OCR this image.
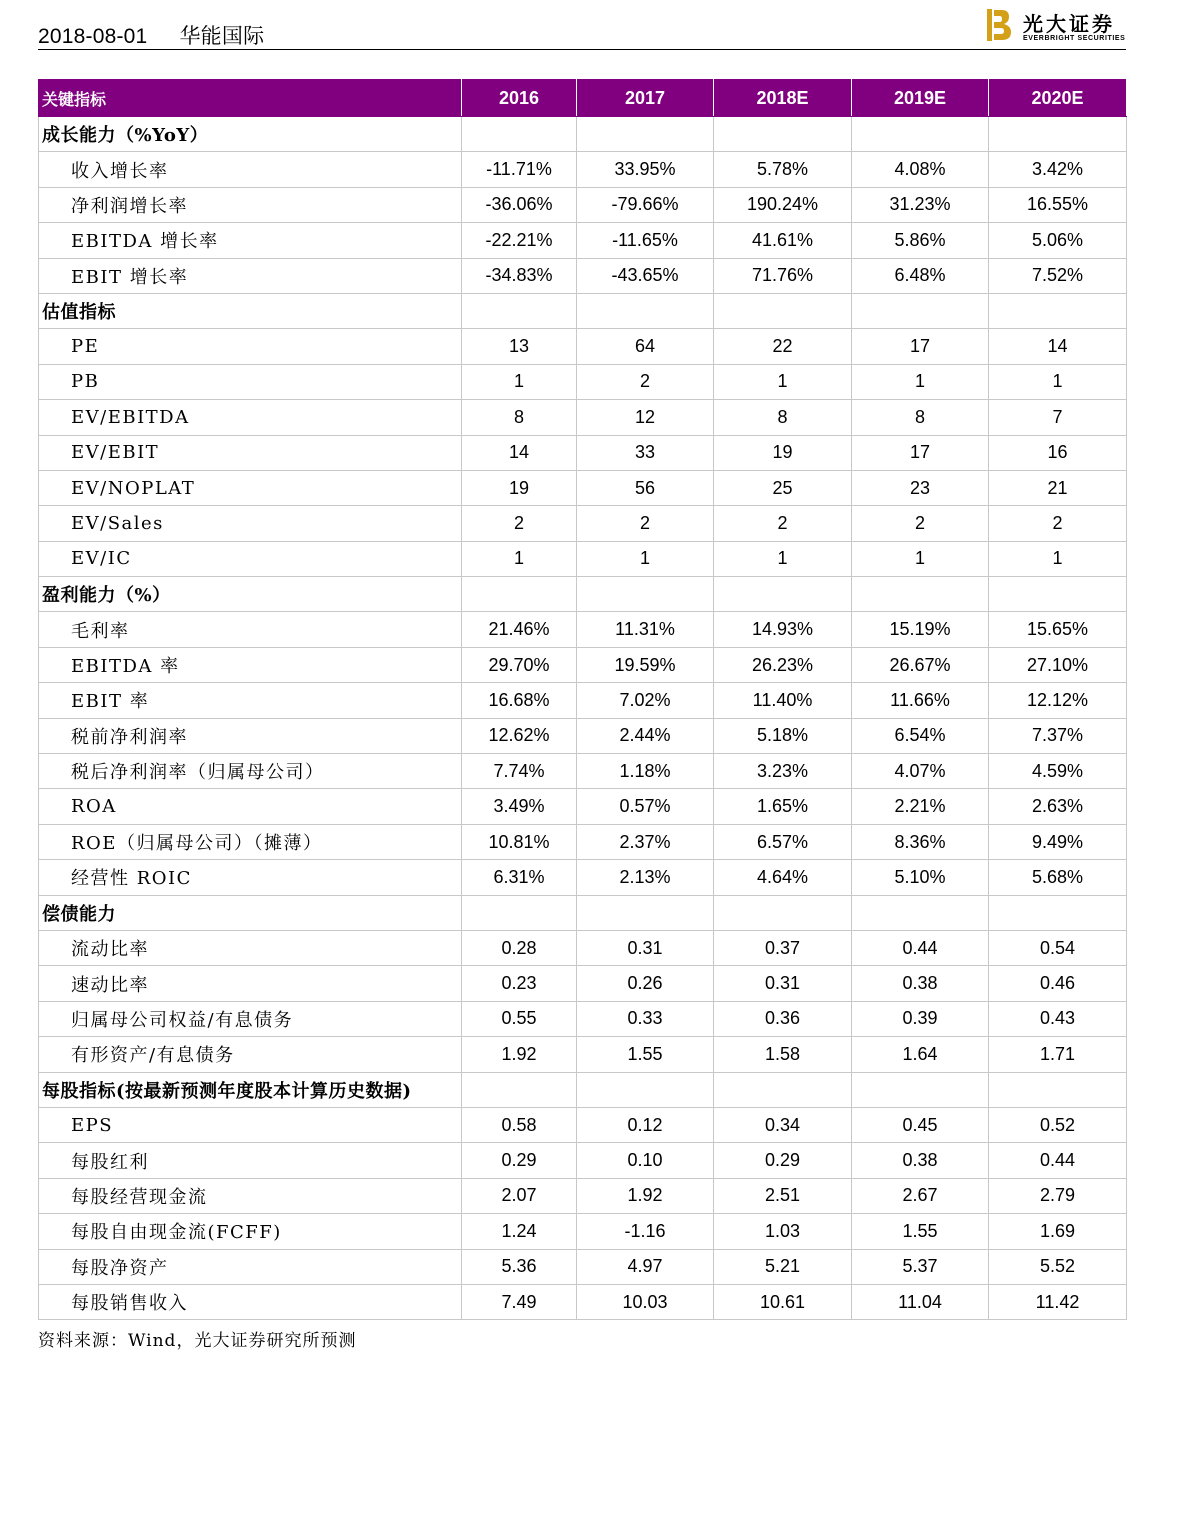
2018-08-01 华能国际
光大证券
EVERBRIGHT SECURITIES
关键指标	2016	2017	2018E	2019E	2020E
成长能力（%YoY）					
收入增长率	-11.71%	33.95%	5.78%	4.08%	3.42%
净利润增长率	-36.06%	-79.66%	190.24%	31.23%	16.55%
EBITDA 增长率	-22.21%	-11.65%	41.61%	5.86%	5.06%
EBIT 增长率	-34.83%	-43.65%	71.76%	6.48%	7.52%
估值指标					
PE	13	64	22	17	14
PB	1	2	1	1	1
EV/EBITDA	8	12	8	8	7
EV/EBIT	14	33	19	17	16
EV/NOPLAT	19	56	25	23	21
EV/Sales	2	2	2	2	2
EV/IC	1	1	1	1	1
盈利能力（%）					
毛利率	21.46%	11.31%	14.93%	15.19%	15.65%
EBITDA 率	29.70%	19.59%	26.23%	26.67%	27.10%
EBIT 率	16.68%	7.02%	11.40%	11.66%	12.12%
税前净利润率	12.62%	2.44%	5.18%	6.54%	7.37%
税后净利润率（归属母公司）	7.74%	1.18%	3.23%	4.07%	4.59%
ROA	3.49%	0.57%	1.65%	2.21%	2.63%
ROE（归属母公司）（摊薄）	10.81%	2.37%	6.57%	8.36%	9.49%
经营性 ROIC	6.31%	2.13%	4.64%	5.10%	5.68%
偿债能力					
流动比率	0.28	0.31	0.37	0.44	0.54
速动比率	0.23	0.26	0.31	0.38	0.46
归属母公司权益/有息债务	0.55	0.33	0.36	0.39	0.43
有形资产/有息债务	1.92	1.55	1.58	1.64	1.71
每股指标(按最新预测年度股本计算历史数据)					
EPS	0.58	0.12	0.34	0.45	0.52
每股红利	0.29	0.10	0.29	0.38	0.44
每股经营现金流	2.07	1.92	2.51	2.67	2.79
每股自由现金流(FCFF)	1.24	-1.16	1.03	1.55	1.69
每股净资产	5.36	4.97	5.21	5.37	5.52
每股销售收入	7.49	10.03	10.61	11.04	11.42
资料来源：Wind，光大证券研究所预测
